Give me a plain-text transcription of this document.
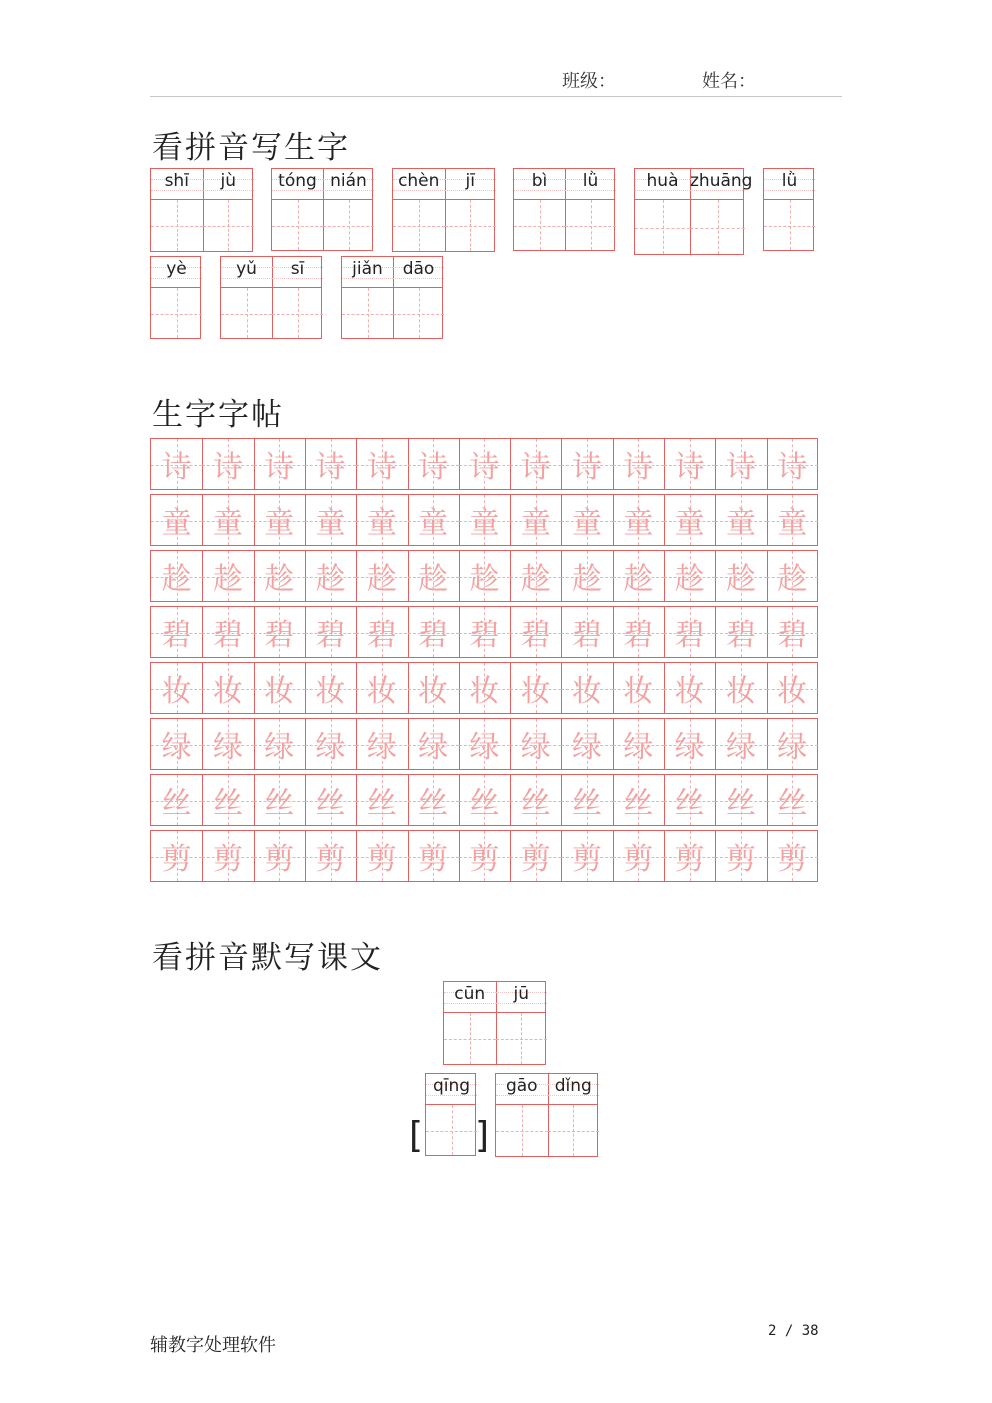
班级：	姓名：
看拼音写生字
生字字帖
看拼音默写课文
shī	jù	tóng nián	chèn	jī	bì	lǜ	huà zhuāng	lǜ
yè	yǔ	sī	jiǎn	dāo
诗 诗 诗 诗 诗 诗 诗 诗 诗 诗 诗 诗 诗
童 童 童 童 童 童 童 童 童 童 童 童 童
趁 趁 趁 趁 趁 趁 趁 趁 趁 趁 趁 趁 趁
碧 碧 碧 碧 碧 碧 碧 碧 碧 碧 碧 碧 碧
妆 妆 妆 妆 妆 妆 妆 妆 妆 妆 妆 妆 妆
绿 绿 绿 绿 绿 绿 绿 绿 绿 绿 绿 绿 绿
丝 丝 丝 丝 丝 丝 丝 丝 丝 丝 丝 丝 丝
剪 剪 剪 剪 剪 剪 剪 剪 剪 剪 剪 剪 剪
cūn	jū
qīng	gāo	dǐng
[ ]
辅教字处理软件
2 / 38
